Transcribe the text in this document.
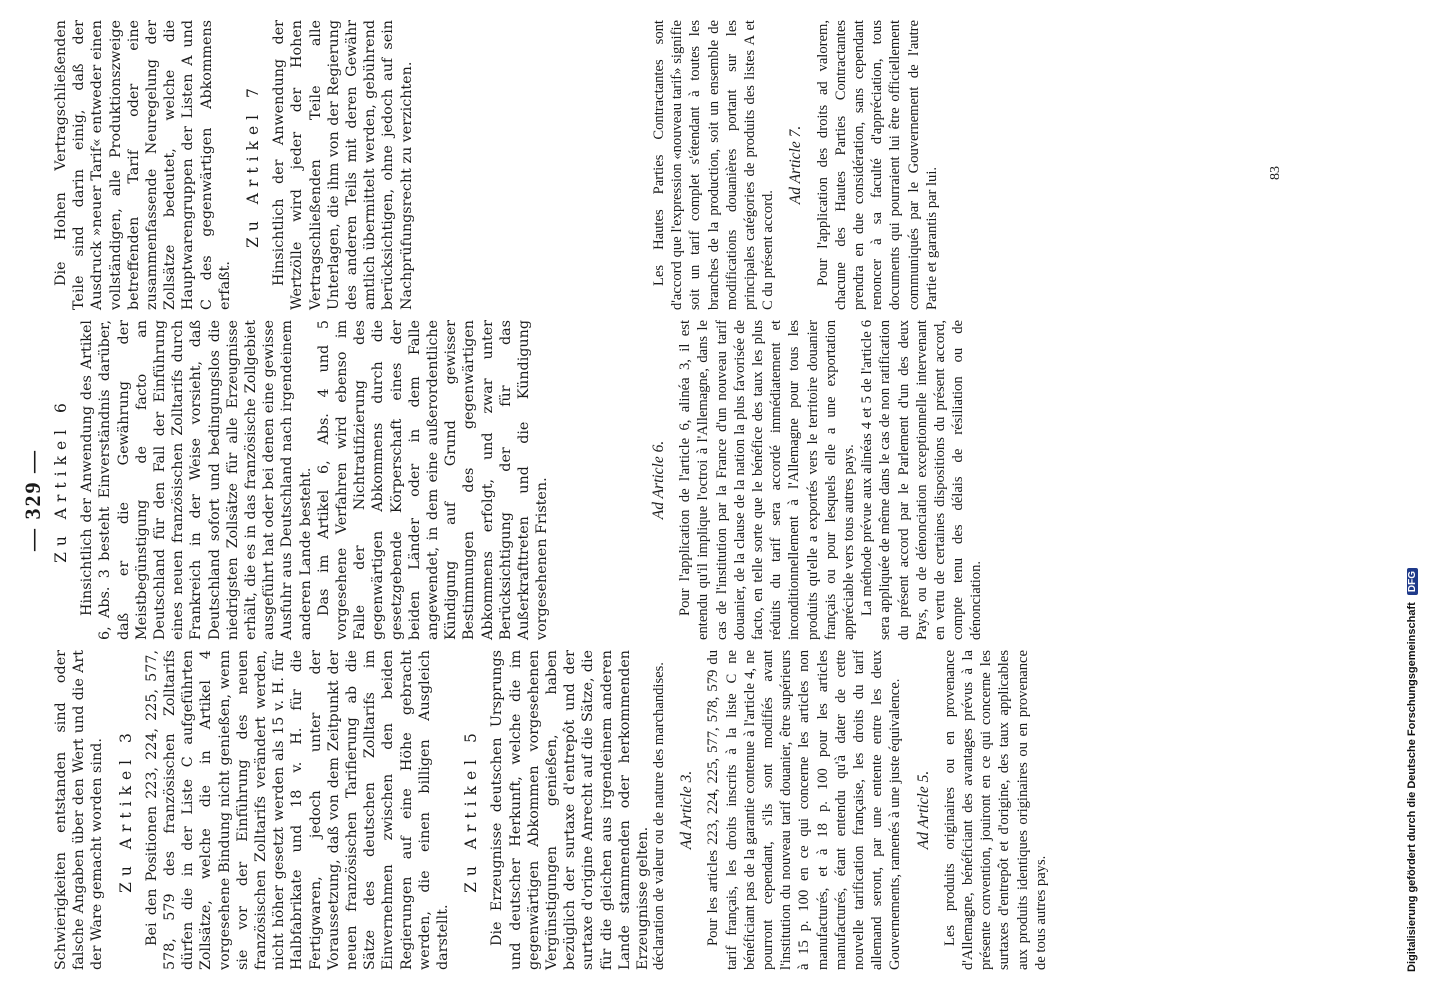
— 329 —

Schwierigkeiten entstanden sind oder falsche Angaben über den Wert und die Art der Ware gemacht worden sind. Zu Artikel 3 Bei den Positionen 223, 224, 225, 577, 578, 579 des französischen Zolltarifs dürfen die in der Liste C aufgeführten Zollsätze, welche die in Artikel 4 vorgesehene Bindung nicht genießen, wenn sie vor der Einführung des neuen französischen Zolltarifs verändert werden, nicht höher gesetzt werden als 15 v. H. für Halbfabrikate und 18 v. H. für die Fertigwaren, jedoch unter der Voraussetzung, daß von dem Zeitpunkt der neuen französischen Tarifierung ab die Sätze des deutschen Zolltarifs im Einvernehmen zwischen den beiden Regierungen auf eine Höhe gebracht werden, die einen billigen Ausgleich darstellt.

Zu Artikel 5 Die Erzeugnisse deutschen Ursprungs und deutscher Herkunft, welche die im gegenwärtigen Abkommen vorgesehenen Vergünstigungen genießen, haben bezüglich der surtaxe d'entrepôt und der surtaxe d'origine Anrecht auf die Sätze, die für die gleichen aus irgendeinem anderen Lande stammenden oder herkommenden Erzeugnisse gelten.

Zu Artikel 6 Hinsichtlich der Anwendung des Artikel 6, Abs. 3 besteht Einverständnis darüber, daß er die Gewährung der Meistbegünstigung de facto an Deutschland für den Fall der Einführung eines neuen französischen Zolltarifs durch Frankreich in der Weise vorsieht, daß Deutschland sofort und bedingungslos die niedrigsten Zollsätze für alle Erzeugnisse erhält, die es in das französische Zollgebiet ausgeführt hat oder bei denen eine gewisse Ausfuhr aus Deutschland nach irgendeinem anderen Lande besteht. Das im Artikel 6, Abs. 4 und 5 vorgesehene Verfahren wird ebenso im Falle der Nichtratifizierung des gegenwärtigen Abkommens durch die gesetzgebende Körperschaft eines der beiden Länder oder in dem Falle angewendet, in dem eine außerordentliche Kündigung auf Grund gewisser Bestimmungen des gegenwärtigen Abkommens erfolgt, und zwar unter Berücksichtigung der für das Außerkrafttreten und die Kündigung vorgesehenen Fristen.

Die Hohen Vertragschließenden Teile sind darin einig, daß der Ausdruck »neuer Tarif« entweder einen vollständigen, alle Produktionszweige betreffenden Tarif oder eine zusammenfassende Neuregelung der Zollsätze bedeutet, welche die Hauptwarengruppen der Listen A und C des gegenwärtigen Abkommens erfaßt.

Zu Artikel 7 Hinsichtlich der Anwendung der Wertzölle wird jeder der Hohen Vertragschließenden Teile alle Unterlagen, die ihm von der Regierung des anderen Teils mit deren Gewähr amtlich übermittelt werden, gebührend berücksichtigen, ohne jedoch auf sein Nachprüfungsrecht zu verzichten.

déclaration de valeur ou de nature des marchandises. Ad Article 3. Pour les articles 223, 224, 225, 577, 578, 579 du tarif français, les droits inscrits à la liste C ne bénéficiant pas de la garantie contenue à l'article 4, ne pourront cependant, s'ils sont modifiés avant l'institution du nouveau tarif douanier, être supérieurs à 15 p. 100 en ce qui concerne les articles non manufacturés, et à 18 p. 100 pour les articles manufacturés, étant entendu qu'à dater de cette nouvelle tarification française, les droits du tarif allemand seront, par une entente entre les deux Gouvernements, ramenés à une juste équivalence. Ad Article 5. Les produits originaires ou en provenance d'Allemagne, bénéficiant des avantages prévus à la présente convention, jouiront en ce qui concerne les surtaxes d'entrepôt et d'origine, des taux applicables aux produits identiques originaires ou en provenance de tous autres pays.

Ad Article 6. Pour l'application de l'article 6, alinéa 3, il est entendu qu'il implique l'octroi à l'Allemagne, dans le cas de l'institution par la France d'un nouveau tarif douanier, de la clause de la nation la plus favorisée de facto, en telle sorte que le bénéfice des taux les plus réduits du tarif sera accordé immédiatement et inconditionnellement à l'Allemagne pour tous les produits qu'elle a exportés vers le territoire douanier français ou pour lesquels elle a une exportation appréciable vers tous autres pays. La méthode prévue aux alinéas 4 et 5 de l'article 6 sera appliquée de même dans le cas de non ratification du présent accord par le Parlement d'un des deux Pays, ou de dénonciation exceptionnelle intervenant en vertu de certaines dispositions du présent accord, compte tenu des délais de résiliation ou de dénonciation.

Les Hautes Parties Contractantes sont d'accord que l'expression «nouveau tarif» signifie soit un tarif complet s'étendant à toutes les branches de la production, soit un ensemble de modifications douanières portant sur les principales catégories de produits des listes A et C du présent accord.

Ad Article 7. Pour l'application des droits ad valorem, chacune des Hautes Parties Contractantes prendra en due considération, sans cependant renoncer à sa faculté d'appréciation, tous documents qui pourraient lui être officiellement communiqués par le Gouvernement de l'autre Partie et garantis par lui.	83
Digitalisierung gefördert durch die Deutsche Forschungsgemeinschaft DFG
